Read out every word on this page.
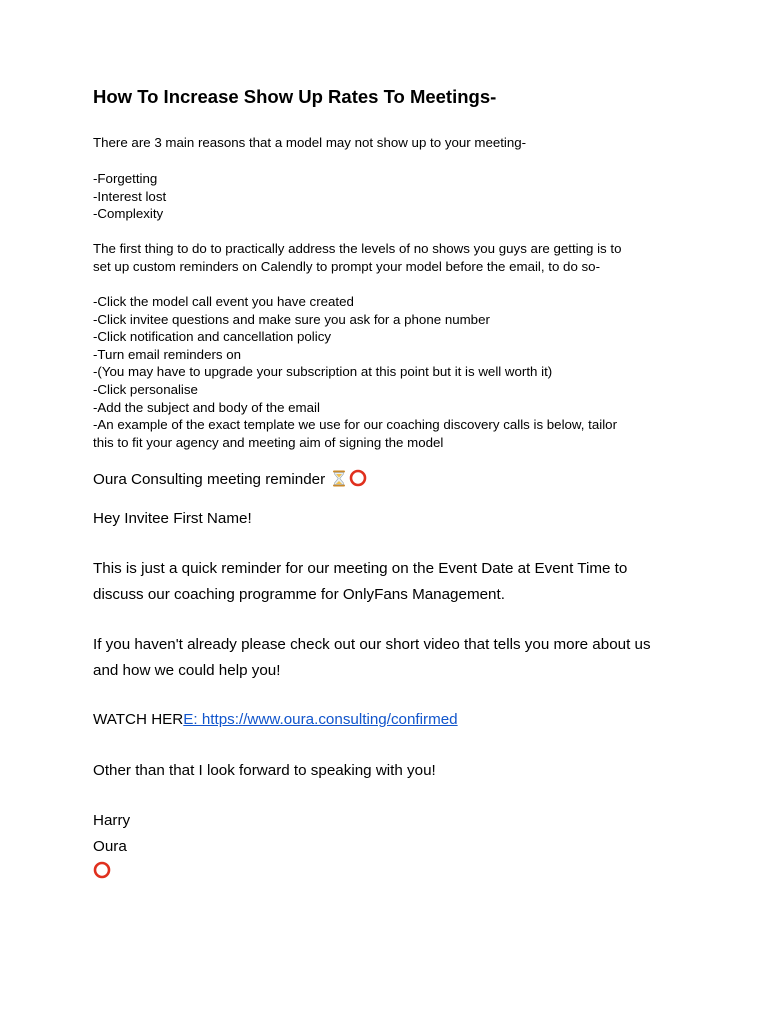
How To Increase Show Up Rates To Meetings-
There are 3 main reasons that a model may not show up to your meeting-
-Forgetting
-Interest lost
-Complexity
The first thing to do to practically address the levels of no shows you guys are getting is to
set up custom reminders on Calendly to prompt your model before the email, to do so-
-Click the model call event you have created
-Click invitee questions and make sure you ask for a phone number
-Click notification and cancellation policy
-Turn email reminders on
-(You may have to upgrade your subscription at this point but it is well worth it)
-Click personalise
-Add the subject and body of the email
-An example of the exact template we use for our coaching discovery calls is below, tailor
this to fit your agency and meeting aim of signing the model
Oura Consulting meeting reminder
Hey Invitee First Name!
This is just a quick reminder for our meeting on the Event Date at Event Time to
discuss our coaching programme for OnlyFans Management.
If you haven't already please check out our short video that tells you more about us
and how we could help you!
WATCH HERE: https://www.oura.consulting/confirmed
Other than that I look forward to speaking with you!
Harry
Oura
